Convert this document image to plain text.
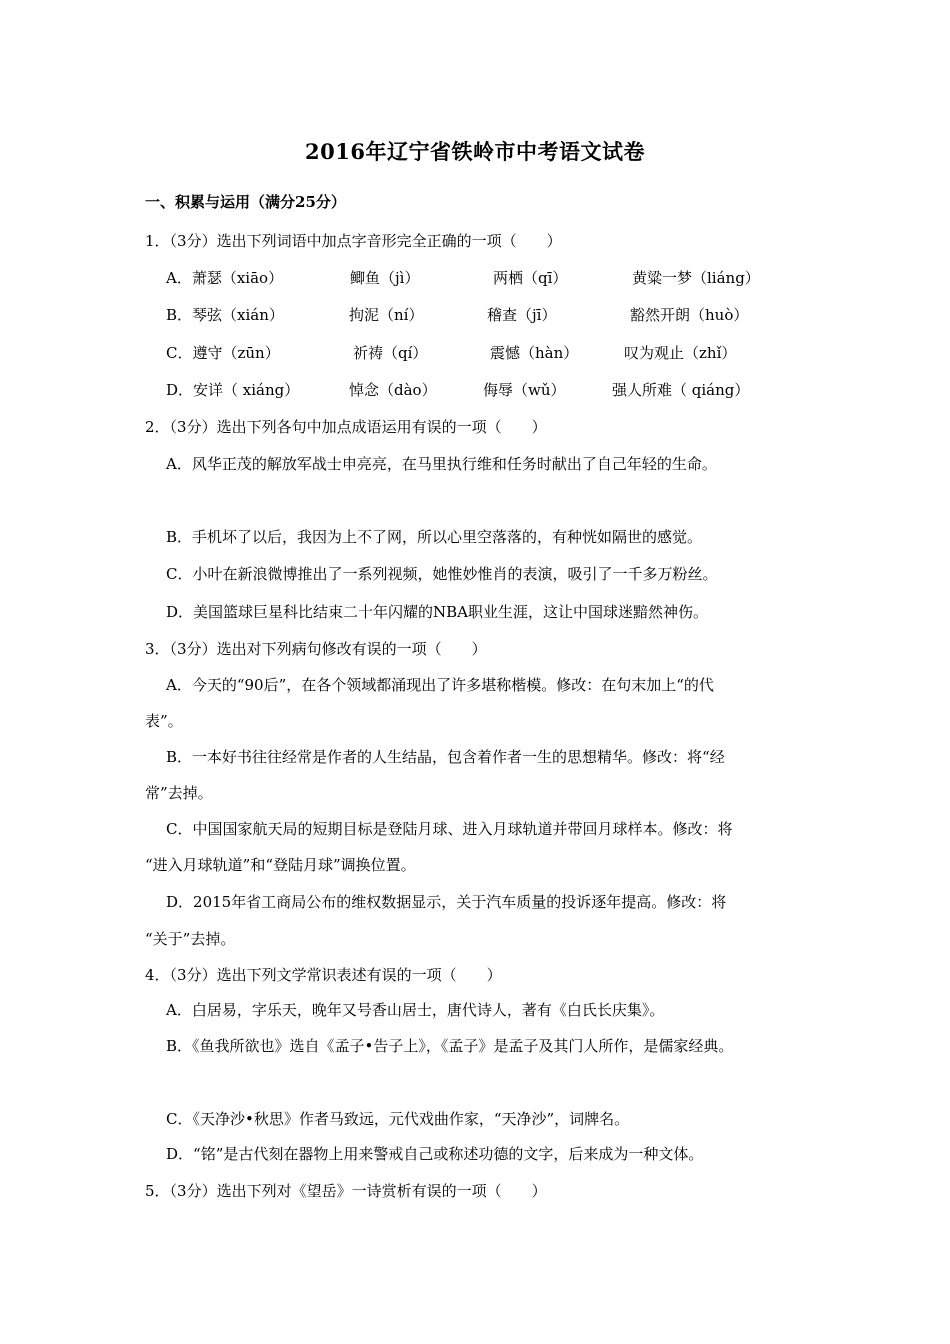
2016年辽宁省铁岭市中考语文试卷
一、积累与运用（满分25分）
1．（3分）选出下列词语中加点字音形完全正确的一项（　　）
A．萧瑟（xiāo）	鲫鱼（jì）	两栖（qī）	黄粱一梦（liáng）
B．琴弦（xián）	拘泥（ní）	稽查（jī）	豁然开朗（huò）
C．遵守（zūn）	祈祷（qí）	震憾（hàn）	叹为观止（zhǐ）
D．安详（ xiáng）	悼念（dào）	侮辱（wǔ）	强人所难（ qiáng）
2．（3分）选出下列各句中加点成语运用有误的一项（　　）
A．风华正茂的解放军战士申亮亮，在马里执行维和任务时献出了自己年轻的生命。
B．手机坏了以后，我因为上不了网，所以心里空落落的，有种恍如隔世的感觉。
C．小叶在新浪微博推出了一系列视频，她惟妙惟肖的表演，吸引了一千多万粉丝。
D．美国篮球巨星科比结束二十年闪耀的NBA职业生涯，这让中国球迷黯然神伤。
3．（3分）选出对下列病句修改有误的一项（　　）
A．今天的“90后”，在各个领域都涌现出了许多堪称楷模。修改：在句末加上“的代
表”。
B．一本好书往往经常是作者的人生结晶，包含着作者一生的思想精华。修改：将“经
常”去掉。
C．中国国家航天局的短期目标是登陆月球、进入月球轨道并带回月球样本。修改：将
“进入月球轨道”和“登陆月球”调换位置。
D．2015年省工商局公布的维权数据显示，关于汽车质量的投诉逐年提高。修改：将
“关于”去掉。
4．（3分）选出下列文学常识表述有误的一项（　　）
A．白居易，字乐天，晚年又号香山居士，唐代诗人，著有《白氏长庆集》。
B．《鱼我所欲也》选自《孟子•告子上》，《孟子》是孟子及其门人所作，是儒家经典。
C．《天净沙•秋思》作者马致远，元代戏曲作家，“天净沙”，词牌名。
D．“铭”是古代刻在器物上用来警戒自己或称述功德的文字，后来成为一种文体。
5．（3分）选出下列对《望岳》一诗赏析有误的一项（　　）
